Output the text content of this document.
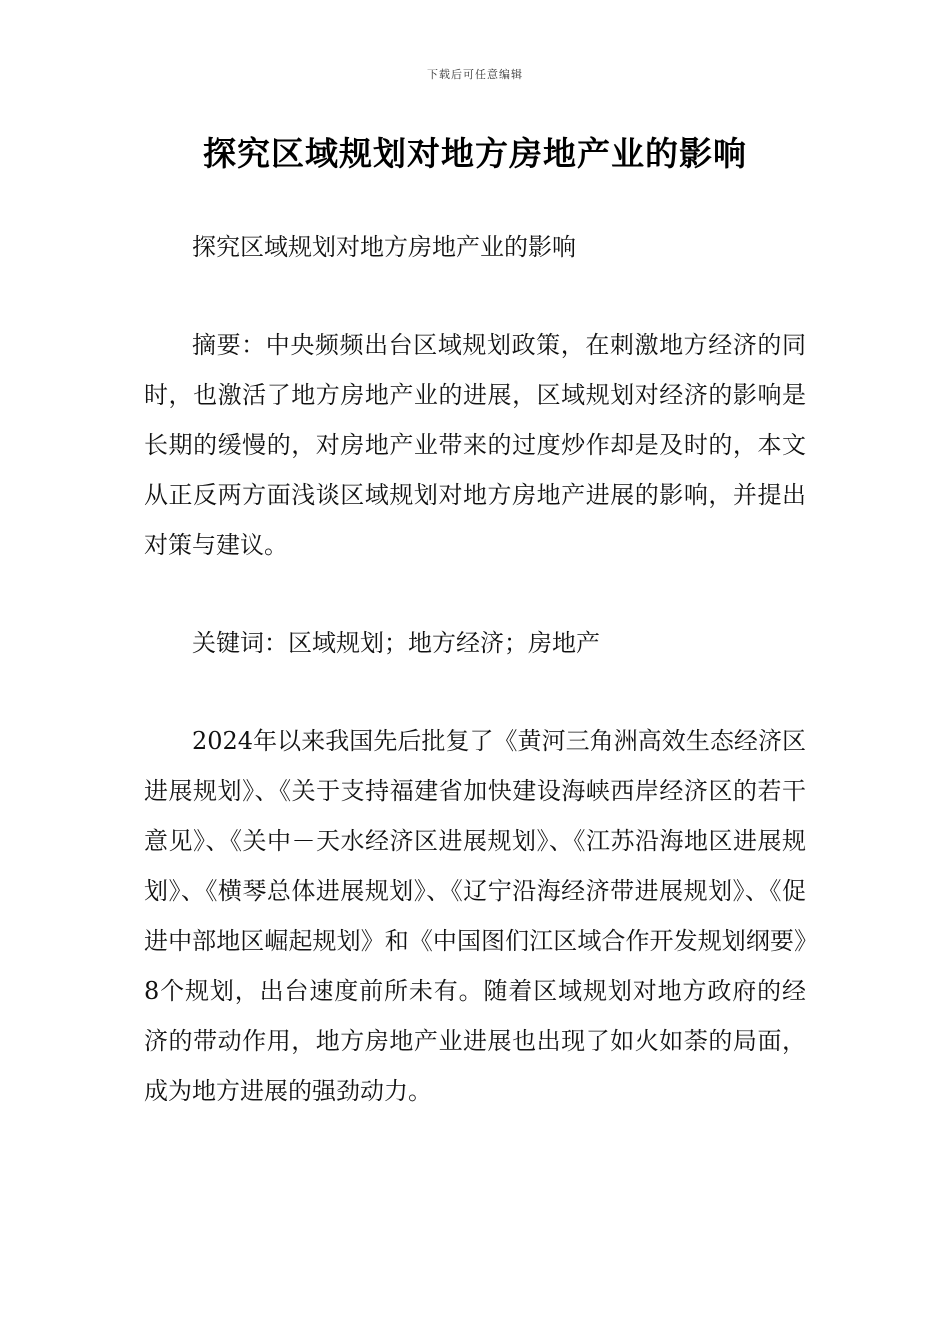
下载后可任意编辑
探究区域规划对地方房地产业的影响

探究区域规划对地方房地产业的影响

摘要：中央频频出台区域规划政策，在刺激地方经济的同时，也激活了地方房地产业的进展，区域规划对经济的影响是长期的缓慢的，对房地产业带来的过度炒作却是及时的，本文从正反两方面浅谈区域规划对地方房地产进展的影响，并提出对策与建议。

关键词：区域规划；地方经济；房地产

2024年以来我国先后批复了《黄河三角洲高效生态经济区进展规划》、《关于支持福建省加快建设海峡西岸经济区的若干意见》、《关中－天水经济区进展规划》、《江苏沿海地区进展规划》、《横琴总体进展规划》、《辽宁沿海经济带进展规划》、《促进中部地区崛起规划》和《中国图们江区域合作开发规划纲要》8个规划，出台速度前所未有。随着区域规划对地方政府的经济的带动作用，地方房地产业进展也出现了如火如荼的局面，成为地方进展的强劲动力。
